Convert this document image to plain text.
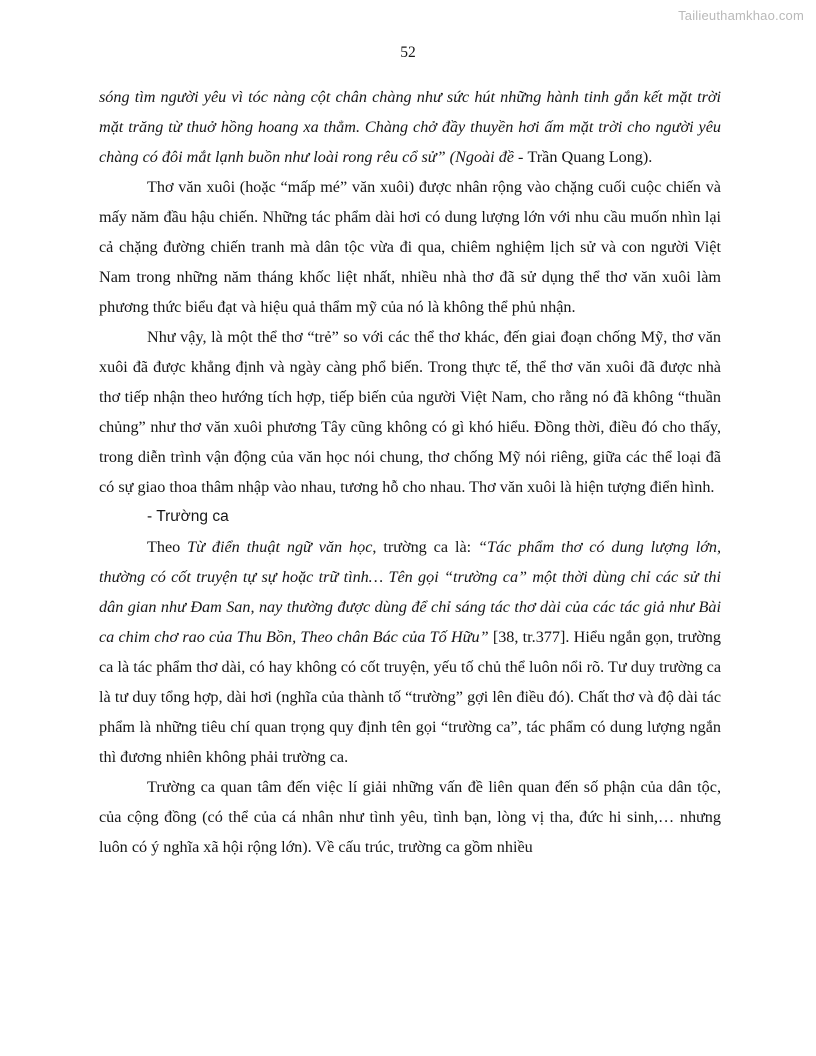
Tailieuthamkhao.com
52

sóng tìm người yêu vì tóc nàng cột chân chàng như sức hút những hành tinh gắn kết mặt trời mặt trăng từ thuở hồng hoang xa thẳm. Chàng chở đầy thuyền hơi ấm mặt trời cho người yêu chàng có đôi mắt lạnh buồn như loài rong rêu cổ sử” (Ngoài đề - Trần Quang Long).

Thơ văn xuôi (hoặc “mấp mé” văn xuôi) được nhân rộng vào chặng cuối cuộc chiến và mấy năm đầu hậu chiến. Những tác phẩm dài hơi có dung lượng lớn với nhu cầu muốn nhìn lại cả chặng đường chiến tranh mà dân tộc vừa đi qua, chiêm nghiệm lịch sử và con người Việt Nam trong những năm tháng khốc liệt nhất, nhiều nhà thơ đã sử dụng thể thơ văn xuôi làm phương thức biểu đạt và hiệu quả thẩm mỹ của nó là không thể phủ nhận.

Như vậy, là một thể thơ “trẻ” so với các thể thơ khác, đến giai đoạn chống Mỹ, thơ văn xuôi đã được khẳng định và ngày càng phổ biến. Trong thực tế, thể thơ văn xuôi đã được nhà thơ tiếp nhận theo hướng tích hợp, tiếp biến của người Việt Nam, cho rằng nó đã không “thuần chủng” như thơ văn xuôi phương Tây cũng không có gì khó hiểu. Đồng thời, điều đó cho thấy, trong diễn trình vận động của văn học nói chung, thơ chống Mỹ nói riêng, giữa các thể loại đã có sự giao thoa thâm nhập vào nhau, tương hỗ cho nhau. Thơ văn xuôi là hiện tượng điển hình.

- Trường ca

Theo Từ điển thuật ngữ văn học, trường ca là: “Tác phẩm thơ có dung lượng lớn, thường có cốt truyện tự sự hoặc trữ tình… Tên gọi “trường ca” một thời dùng chỉ các sử thi dân gian như Đam San, nay thường được dùng để chỉ sáng tác thơ dài của các tác giả như Bài ca chim chơ rao của Thu Bồn, Theo chân Bác của Tố Hữu” [38, tr.377]. Hiểu ngắn gọn, trường ca là tác phẩm thơ dài, có hay không có cốt truyện, yếu tố chủ thể luôn nổi rõ. Tư duy trường ca là tư duy tổng hợp, dài hơi (nghĩa của thành tố “trường” gợi lên điều đó). Chất thơ và độ dài tác phẩm là những tiêu chí quan trọng quy định tên gọi “trường ca”, tác phẩm có dung lượng ngắn thì đương nhiên không phải trường ca.

Trường ca quan tâm đến việc lí giải những vấn đề liên quan đến số phận của dân tộc, của cộng đồng (có thể của cá nhân như tình yêu, tình bạn, lòng vị tha, đức hi sinh,… nhưng luôn có ý nghĩa xã hội rộng lớn). Về cấu trúc, trường ca gồm nhiều
